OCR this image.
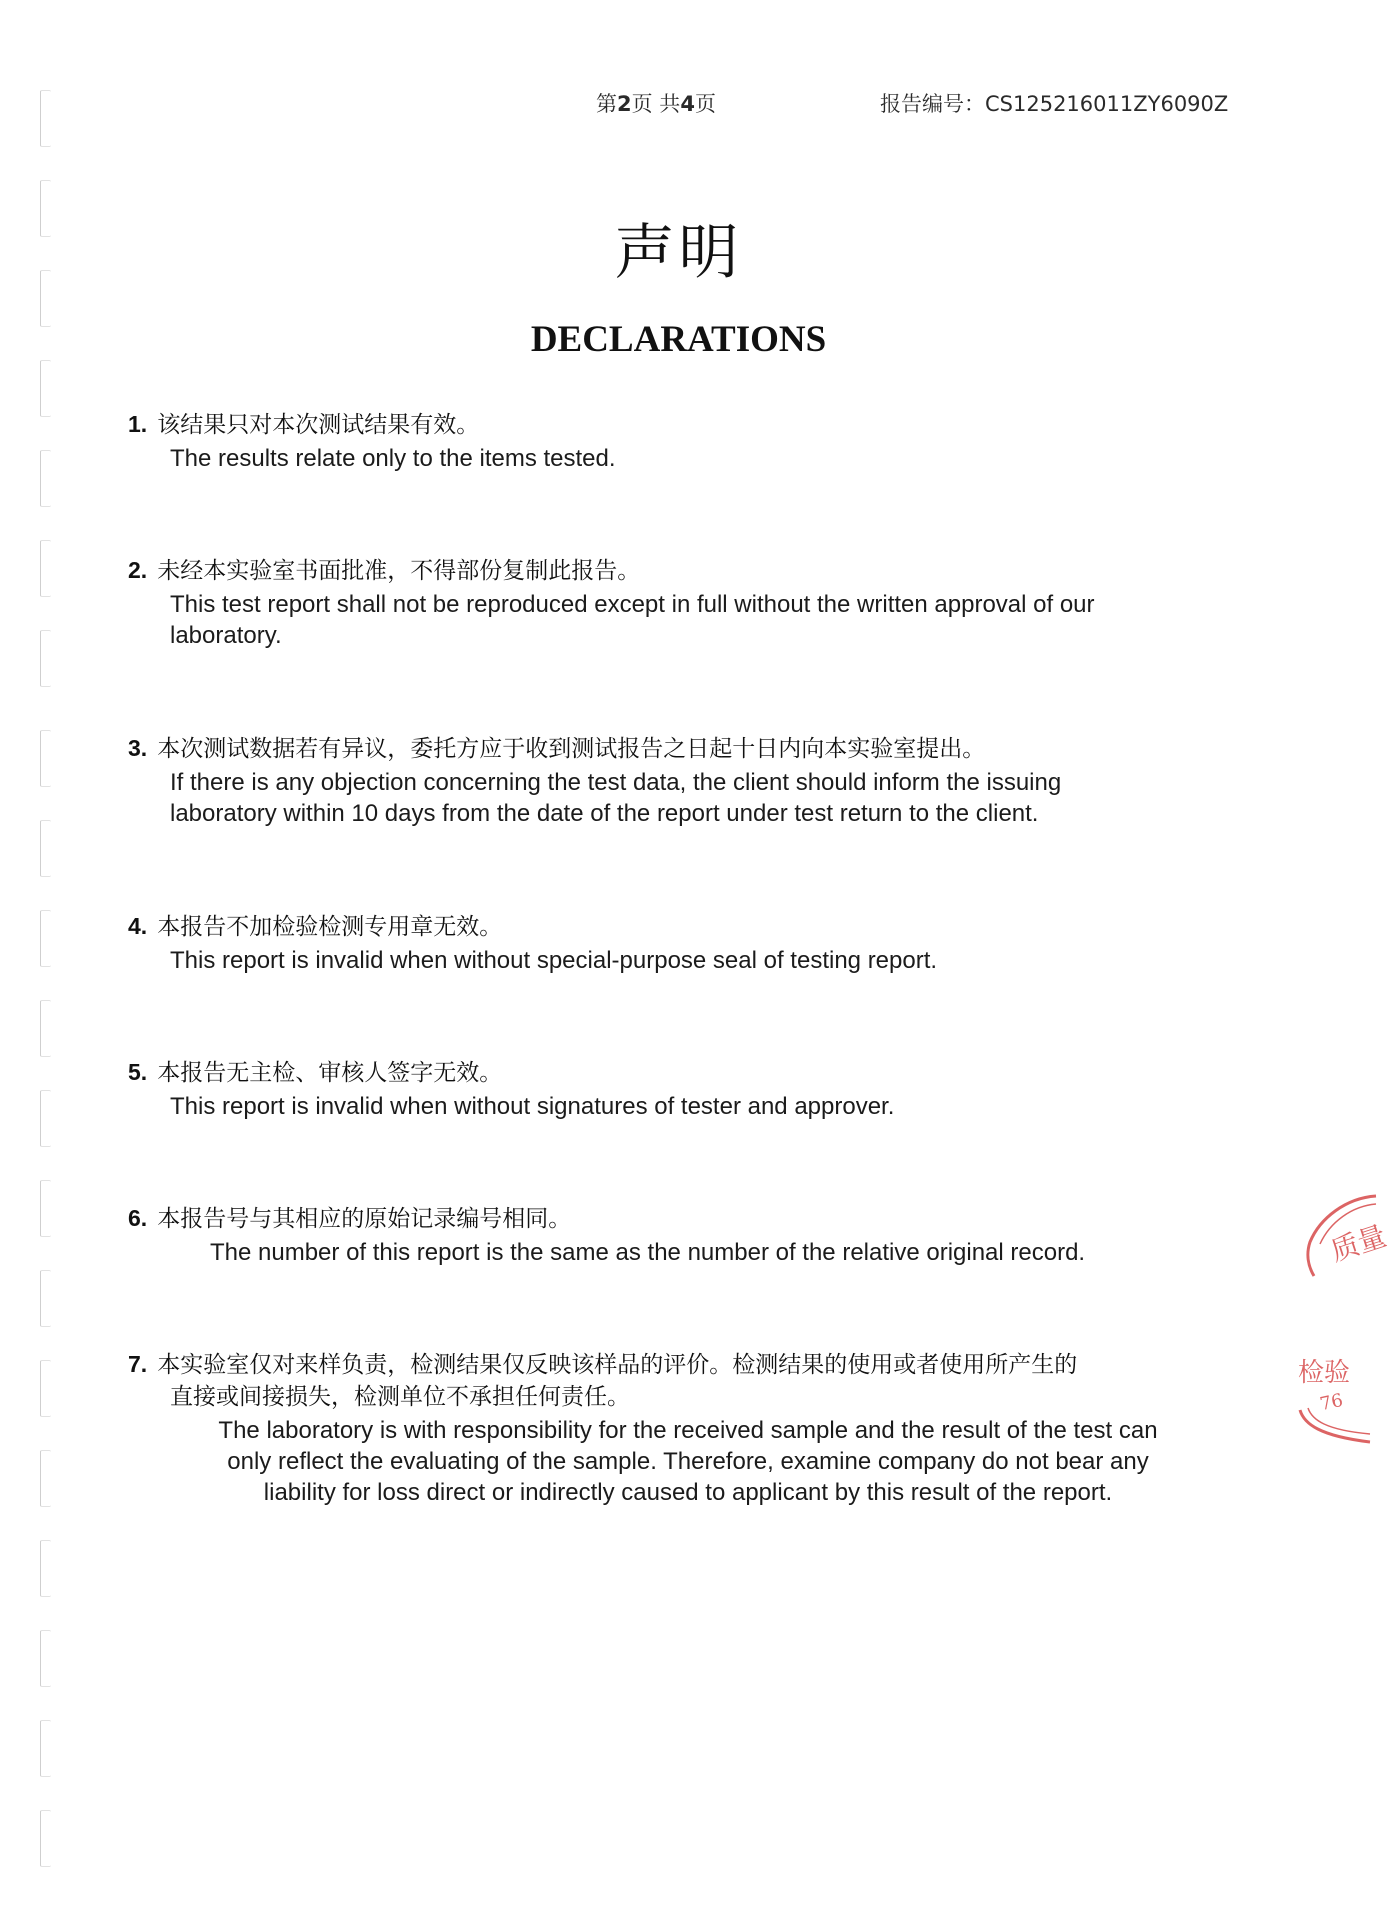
第2页 共4页	报告编号：CS125216011ZY6090Z
声明
DECLARATIONS
1. 该结果只对本次测试结果有效。
The results relate only to the items tested.
2. 未经本实验室书面批准，不得部份复制此报告。
This test report shall not be reproduced except in full without the written approval of our
laboratory.
3. 本次测试数据若有异议，委托方应于收到测试报告之日起十日内向本实验室提出。
If there is any objection concerning the test data, the client should inform the issuing
laboratory within 10 days from the date of the report under test return to the client.
4. 本报告不加检验检测专用章无效。
This report is invalid when without special-purpose seal of testing report.
5. 本报告无主检、审核人签字无效。
This report is invalid when without signatures of tester and approver.
6. 本报告号与其相应的原始记录编号相同。
The number of this report is the same as the number of the relative original record.
7. 本实验室仅对来样负责，检测结果仅反映该样品的评价。检测结果的使用或者使用所产生的
直接或间接损失，检测单位不承担任何责任。
The laboratory is with responsibility for the received sample and the result of the test can
only reflect the evaluating of the sample. Therefore, examine company do not bear any
liability for loss direct or indirectly caused to applicant by this result of the report.
质量
检验
76
